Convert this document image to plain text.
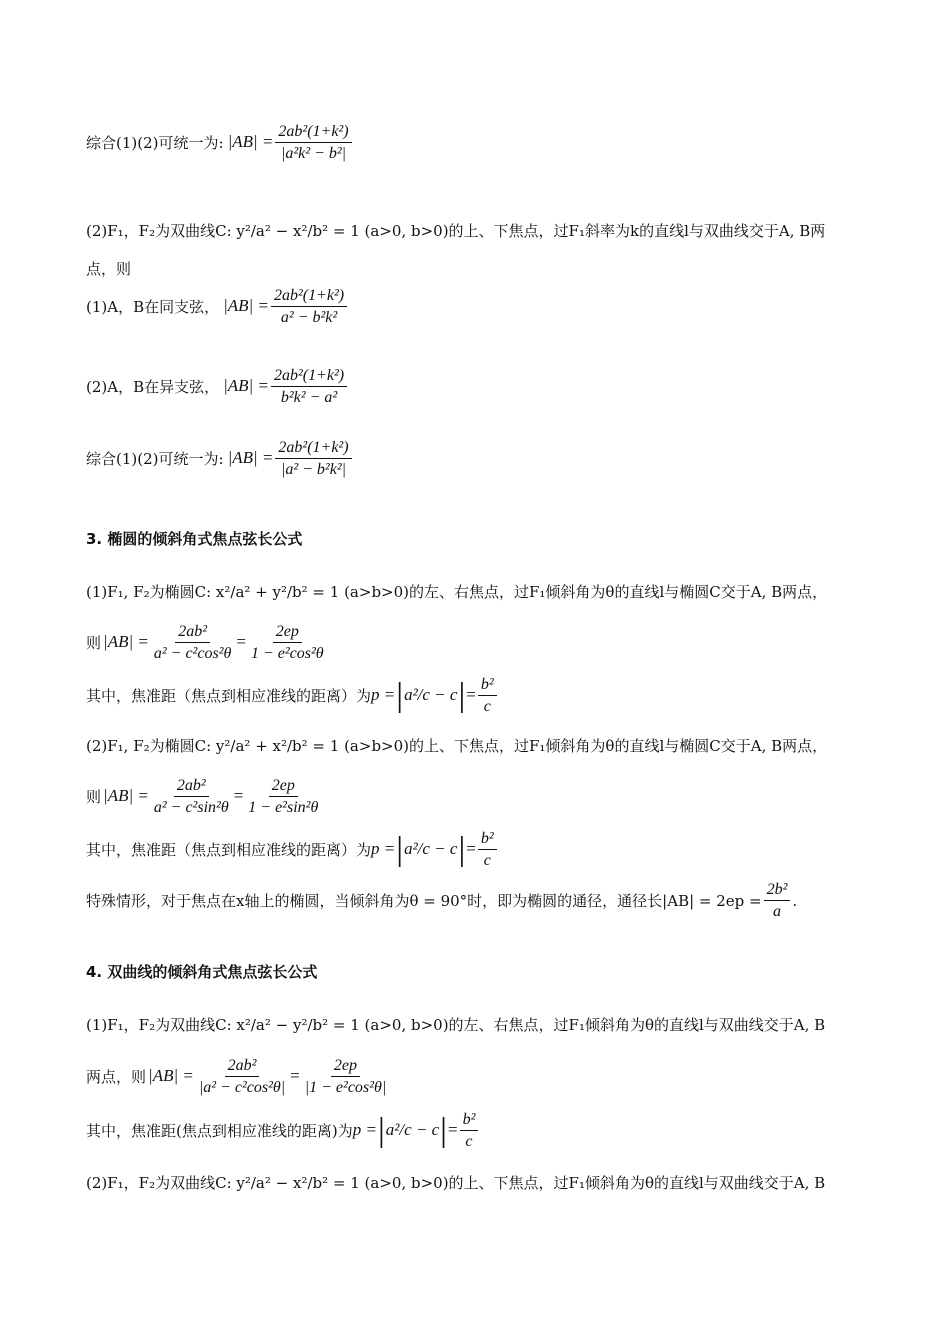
综合(1)(2)可统一为: $|AB| = \frac{\text{2ab²(1+k²)}}{\text{|a²k² − b²|}}$
(2)F₁，F₂为双曲线C: y²/a² − x²/b² = 1 (a>0, b>0)的上、下焦点，过F₁斜率为k的直线l与双曲线交于A, B两
点，则
(1)A，B在同支弦， $|AB| = \frac{\text{2ab²(1+k²)}}{\text{a² − b²k²}}$
(2)A，B在异支弦， $|AB| = \frac{\text{2ab²(1+k²)}}{\text{b²k² − a²}}$
综合(1)(2)可统一为: $|AB| = \frac{\text{2ab²(1+k²)}}{\text{|a² − b²k²|}}$
3. 椭圆的倾斜角式焦点弦长公式
(1)F₁, F₂为椭圆C: x²/a² + y²/b² = 1 (a>b>0)的左、右焦点，过F₁倾斜角为θ的直线l与椭圆C交于A, B两点，
则 $|AB| = \frac{\text{2ab²}}{\text{a² − c²cos²θ}} = \frac{2ep}{\text{1 − e²cos²θ}}$
其中，焦准距（焦点到相应准线的距离）为 p = | a²/c − c | = $\frac{\text{b²}}{c}$
(2)F₁, F₂为椭圆C: y²/a² + x²/b² = 1 (a>b>0)的上、下焦点，过F₁倾斜角为θ的直线l与椭圆C交于A, B两点，
则 $|AB| = \frac{\text{2ab²}}{\text{a² − c²sin²θ}} = \frac{2ep}{\text{1 − e²sin²θ}}$
其中，焦准距（焦点到相应准线的距离）为 p = | a²/c − c | = $\frac{\text{b²}}{c}$
特殊情形，对于焦点在x轴上的椭圆，当倾斜角为θ = 90°时，即为椭圆的通径，通径长$|AB| = 2ep = \frac{\text{2b²}}{a}$ .
4. 双曲线的倾斜角式焦点弦长公式
(1)F₁，F₂为双曲线C: x²/a² − y²/b² = 1 (a>0, b>0)的左、右焦点，过F₁倾斜角为θ的直线l与双曲线交于A, B
两点，则 $|AB| = \frac{\text{2ab²}}{\text{|a² − c²cos²θ|}} = \frac{2ep}{\text{|1 − e²cos²θ|}}$
其中，焦准距(焦点到相应准线的距离)为 p = | a²/c − c | = $\frac{\text{b²}}{c}$
(2)F₁，F₂为双曲线C: y²/a² − x²/b² = 1 (a>0, b>0)的上、下焦点，过F₁倾斜角为θ的直线l与双曲线交于A, B
